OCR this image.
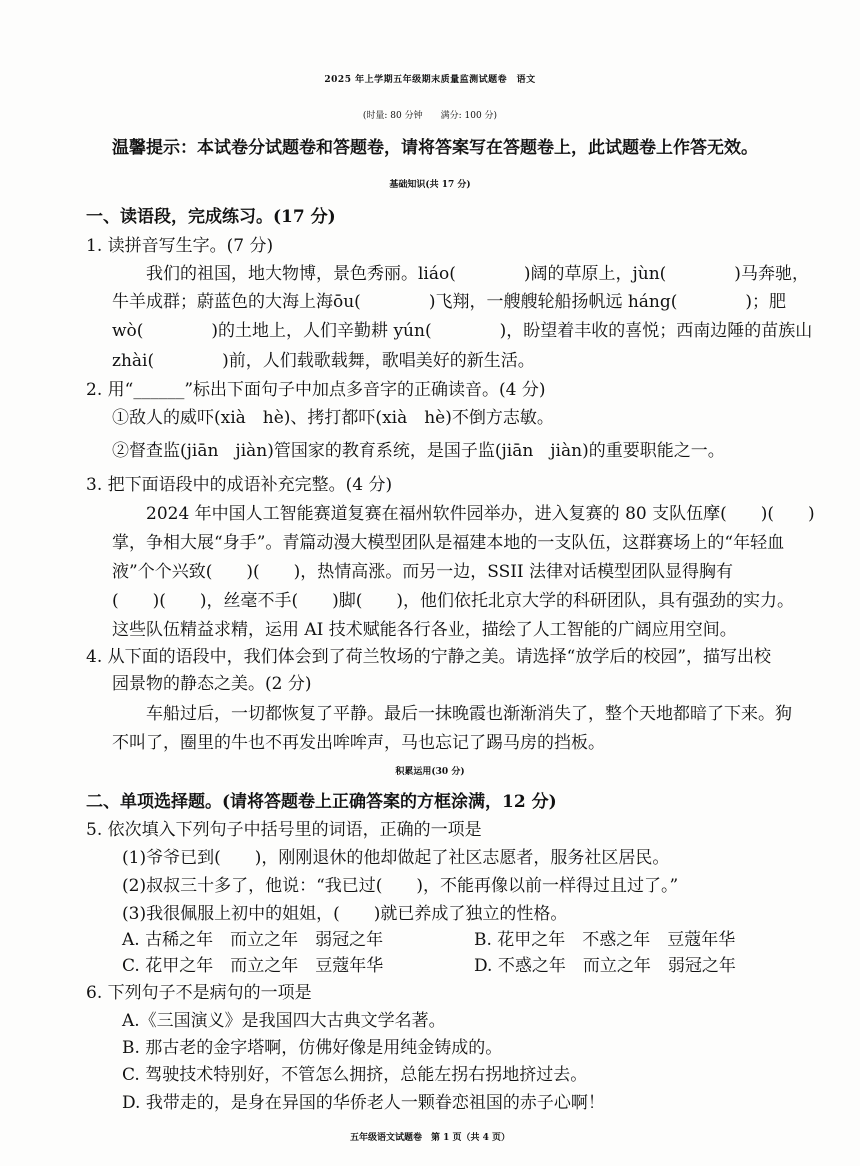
2025 年上学期五年级期末质量监测试题卷　语文
(时量: 80 分钟　　满分: 100 分)
温馨提示：本试卷分试题卷和答题卷，请将答案写在答题卷上，此试题卷上作答无效。
基础知识(共 17 分)
一、读语段，完成练习。(17 分)
1. 读拼音写生字。(7 分)
我们的祖国，地大物博，景色秀丽。liáo(　　　　)阔的草原上，jùn(　　　　)马奔驰，
牛羊成群；蔚蓝色的大海上海ōu(　　　　)飞翔，一艘艘轮船扬帆远 háng(　　　　)；肥
wò(　　　　)的土地上，人们辛勤耕 yún(　　　　)，盼望着丰收的喜悦；西南边陲的苗族山
zhài(　　　　)前，人们载歌载舞，歌唱美好的新生活。
2. 用“______”标出下面句子中加点多音字的正确读音。(4 分)
①敌人的威吓(xià　hè)、拷打都吓(xià　hè)不倒方志敏。
②督查监(jiān　jiàn)管国家的教育系统，是国子监(jiān　jiàn)的重要职能之一。
3. 把下面语段中的成语补充完整。(4 分)
2024 年中国人工智能赛道复赛在福州软件园举办，进入复赛的 80 支队伍摩(　　)(　　)
掌，争相大展“身手”。青篇动漫大模型团队是福建本地的一支队伍，这群赛场上的“年轻血
液”个个兴致(　　)(　　)，热情高涨。而另一边，SSII 法律对话模型团队显得胸有
(　　)(　　)，丝毫不手(　　)脚(　　)，他们依托北京大学的科研团队，具有强劲的实力。
这些队伍精益求精，运用 AI 技术赋能各行各业，描绘了人工智能的广阔应用空间。
4. 从下面的语段中，我们体会到了荷兰牧场的宁静之美。请选择“放学后的校园”，描写出校
园景物的静态之美。(2 分)
车船过后，一切都恢复了平静。最后一抹晚霞也渐渐消失了，整个天地都暗了下来。狗
不叫了，圈里的牛也不再发出哞哞声，马也忘记了踢马房的挡板。
积累运用(30 分)
二、单项选择题。(请将答题卷上正确答案的方框涂满，12 分)
5. 依次填入下列句子中括号里的词语，正确的一项是
(1)爷爷已到(　　)，刚刚退休的他却做起了社区志愿者，服务社区居民。
(2)叔叔三十多了，他说：“我已过(　　)，不能再像以前一样得过且过了。”
(3)我很佩服上初中的姐姐，(　　)就已养成了独立的性格。
A. 古稀之年　而立之年　弱冠之年	B. 花甲之年　不惑之年　豆蔻年华
C. 花甲之年　而立之年　豆蔻年华	D. 不惑之年　而立之年　弱冠之年
6. 下列句子不是病句的一项是
A.《三国演义》是我国四大古典文学名著。
B. 那古老的金字塔啊，仿佛好像是用纯金铸成的。
C. 驾驶技术特别好，不管怎么拥挤，总能左拐右拐地挤过去。
D. 我带走的，是身在异国的华侨老人一颗眷恋祖国的赤子心啊！
五年级语文试题卷　第 1 页（共 4 页）
